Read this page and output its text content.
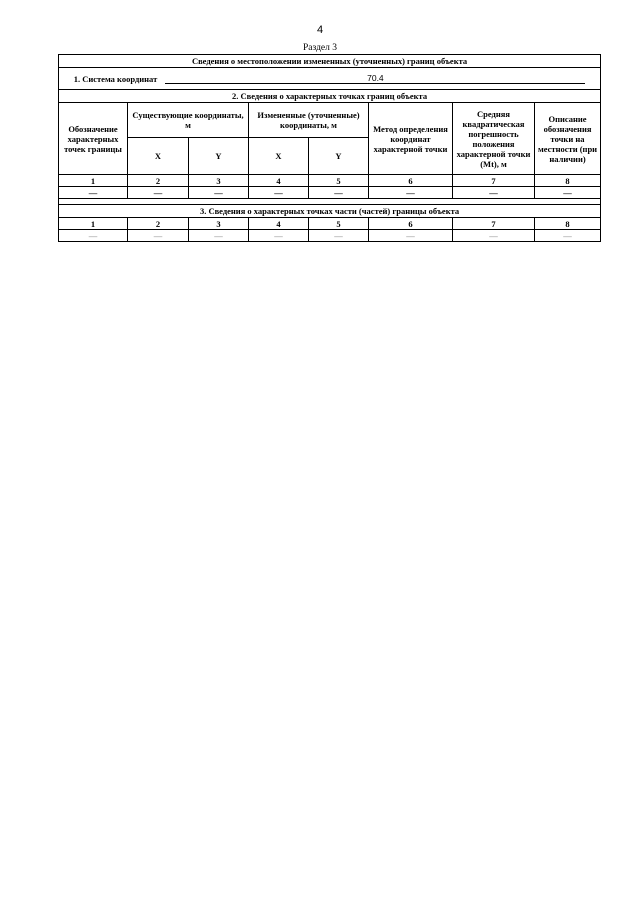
4
Раздел 3
Сведения о местоположении измененных (уточненных) границ объекта							
1. Система координат 70.4							
2. Сведения о характерных точках границ объекта							
Обозначение характерных точек границы	Существующие координаты, м		Измененные (уточненные) координаты, м		Метод определения координат характерной точки	Средняя квадратическая погрешность положения характерной точки (Mt), м	Описание обозначения точки на местности (при наличии)
	X	Y	X	Y			
1	2	3	4	5	6	7	8
—	—	—	—	—	—	—	—

3. Сведения о характерных точках части (частей) границы объекта							
1	2	3	4	5	6	7	8
—	—	—	—	—	—	—	—
